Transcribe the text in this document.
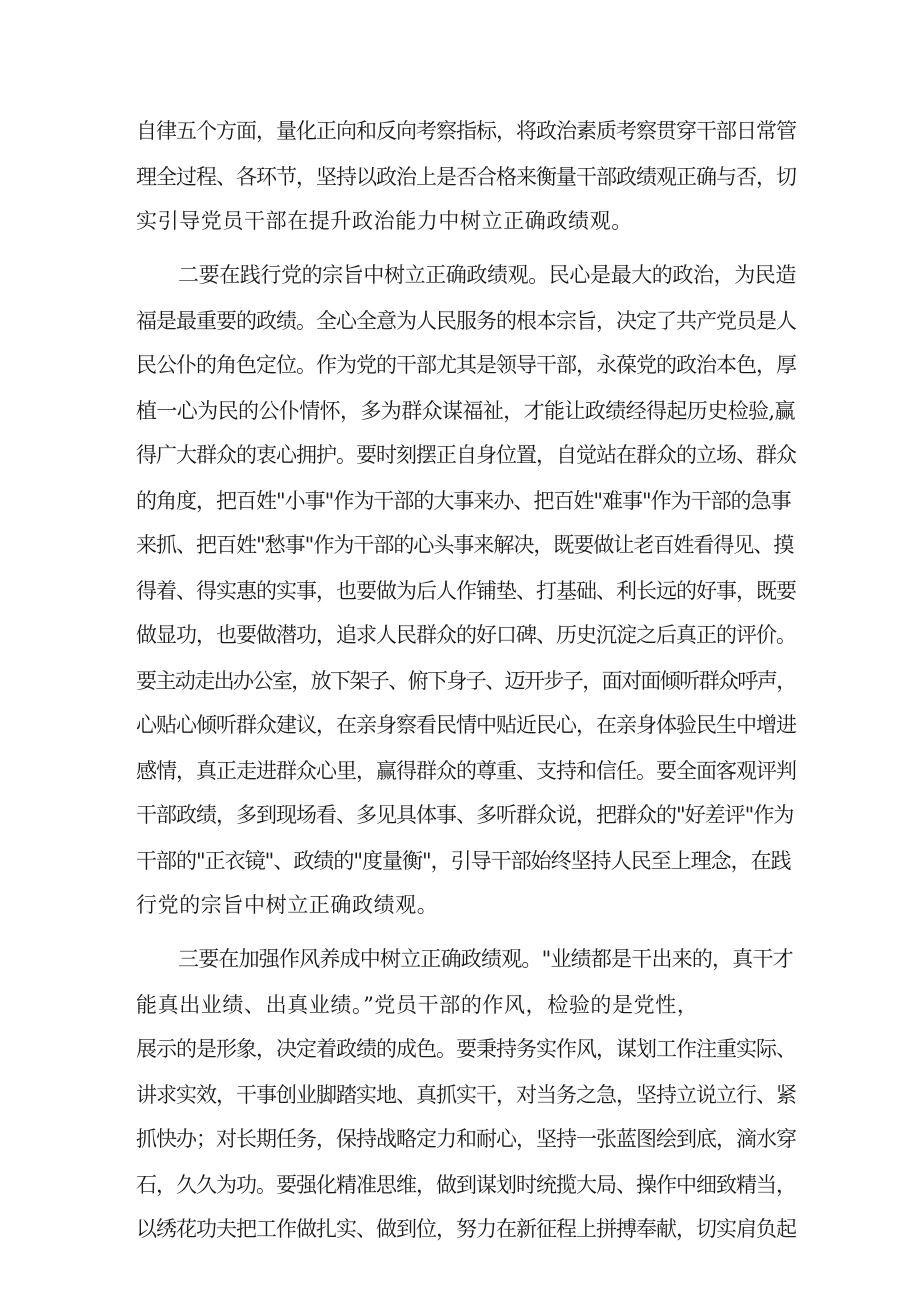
自律五个方面，量化正向和反向考察指标，将政治素质考察贯穿干部日常管
理全过程、各环节，坚持以政治上是否合格来衡量干部政绩观正确与否，切
实引导党员干部在提升政治能力中树立正确政绩观。
二要在践行党的宗旨中树立正确政绩观。民心是最大的政治，为民造
福是最重要的政绩。全心全意为人民服务的根本宗旨，决定了共产党员是人
民公仆的角色定位。作为党的干部尤其是领导干部，永葆党的政治本色，厚
植一心为民的公仆情怀，多为群众谋福祉，才能让政绩经得起历史检验,赢
得广大群众的衷心拥护。要时刻摆正自身位置，自觉站在群众的立场、群众
的角度，把百姓"小事"作为干部的大事来办、把百姓"难事"作为干部的急事
来抓、把百姓"愁事"作为干部的心头事来解决，既要做让老百姓看得见、摸
得着、得实惠的实事，也要做为后人作铺垫、打基础、利长远的好事，既要
做显功，也要做潜功，追求人民群众的好口碑、历史沉淀之后真正的评价。
要主动走出办公室，放下架子、俯下身子、迈开步子，面对面倾听群众呼声，
心贴心倾听群众建议，在亲身察看民情中贴近民心，在亲身体验民生中增进
感情，真正走进群众心里，赢得群众的尊重、支持和信任。要全面客观评判
干部政绩，多到现场看、多见具体事、多听群众说，把群众的"好差评"作为
干部的"正衣镜"、政绩的"度量衡"，引导干部始终坚持人民至上理念，在践
行党的宗旨中树立正确政绩观。
三要在加强作风养成中树立正确政绩观。"业绩都是干出来的，真干才
能真出业绩、出真业绩。”党员干部的作风，检验的是党性，
展示的是形象，决定着政绩的成色。要秉持务实作风，谋划工作注重实际、
讲求实效，干事创业脚踏实地、真抓实干，对当务之急，坚持立说立行、紧
抓快办；对长期任务，保持战略定力和耐心，坚持一张蓝图绘到底，滴水穿
石，久久为功。要强化精准思维，做到谋划时统揽大局、操作中细致精当，
以绣花功夫把工作做扎实、做到位，努力在新征程上拼搏奉献，切实肩负起
